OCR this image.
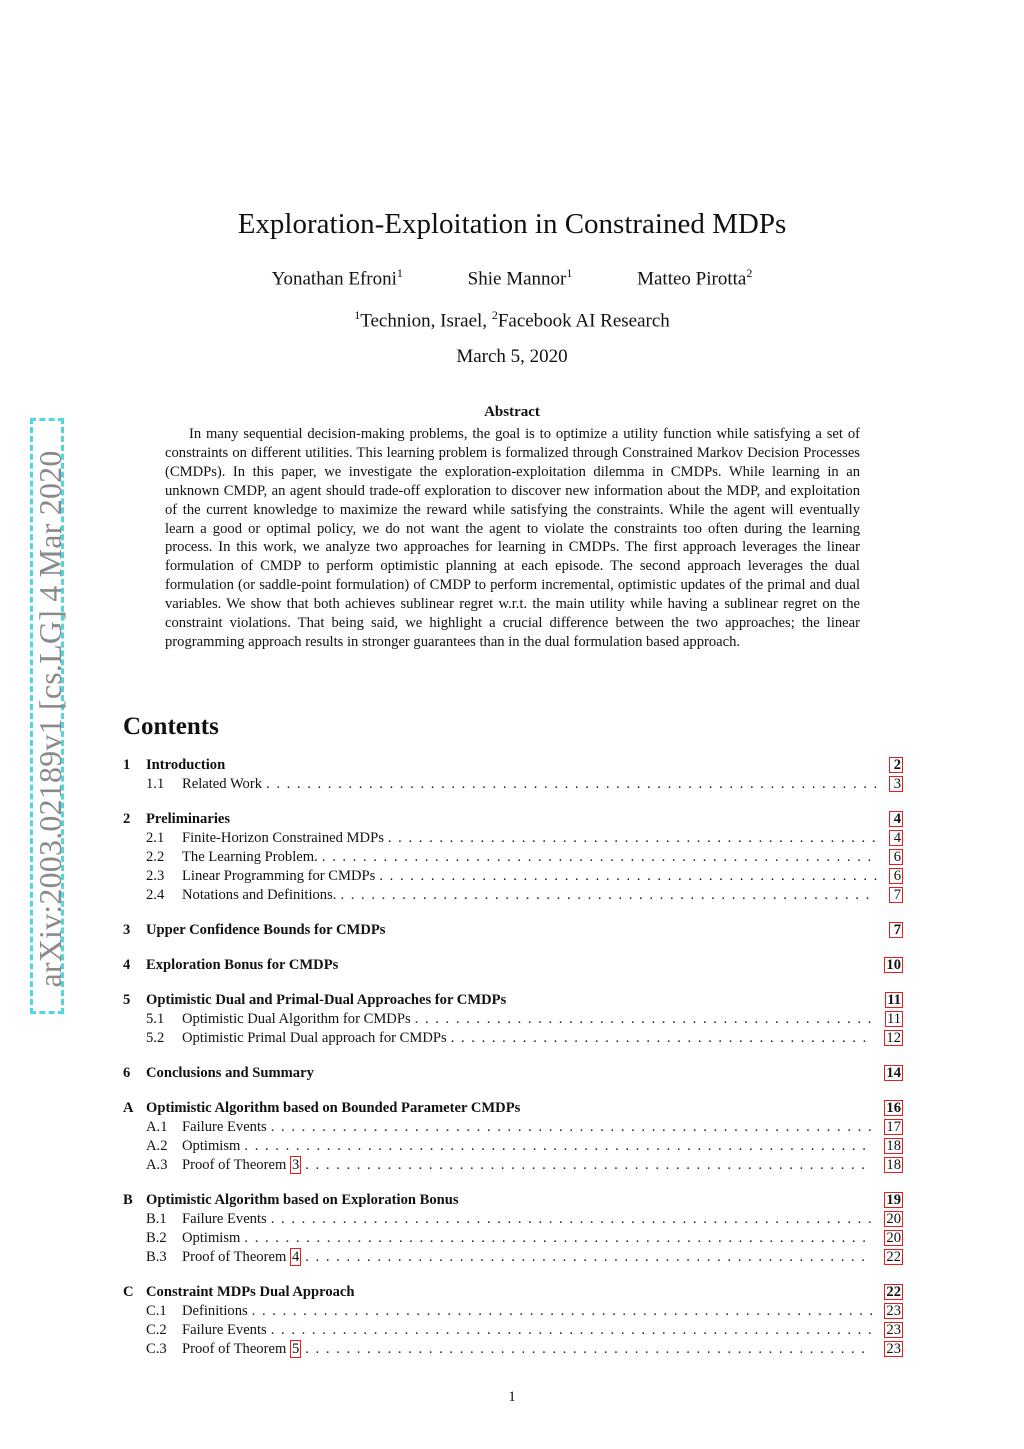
arXiv:2003.02189v1 [cs.LG] 4 Mar 2020
Exploration-Exploitation in Constrained MDPs
Yonathan Efroni$^1$	Shie Mannor$^1$	Matteo Pirotta$^2$
$^1$Technion, Israel, $^2$Facebook AI Research
March 5, 2020
Abstract

In many sequential decision-making problems, the goal is to optimize a utility function while satisfying a set of constraints on different utilities. This learning problem is formalized through Constrained Markov Decision Processes (CMDPs). In this paper, we investigate the exploration-exploitation dilemma in CMDPs. While learning in an unknown CMDP, an agent should trade-off exploration to discover new information about the MDP, and exploitation of the current knowledge to maximize the reward while satisfying the constraints. While the agent will eventually learn a good or optimal policy, we do not want the agent to violate the constraints too often during the learning process. In this work, we analyze two approaches for learning in CMDPs. The first approach leverages the linear formulation of CMDP to perform optimistic planning at each episode. The second approach leverages the dual formulation (or saddle-point formulation) of CMDP to perform incremental, optimistic updates of the primal and dual variables. We show that both achieves sublinear regret w.r.t. the main utility while having a sublinear regret on the constraint violations. That being said, we highlight a crucial difference between the two approaches; the linear programming approach results in stronger guarantees than in the dual formulation based approach.

Contents
1	Introduction	2
1.1	Related Work . . .	3
2	Preliminaries	4
2.1	Finite-Horizon Constrained MDPs . . .	4
2.2	The Learning Problem. . . .	6
2.3	Linear Programming for CMDPs . . .	6
2.4	Notations and Definitions. . . .	7
3	Upper Confidence Bounds for CMDPs	7
4	Exploration Bonus for CMDPs	10
5	Optimistic Dual and Primal-Dual Approaches for CMDPs	11
5.1	Optimistic Dual Algorithm for CMDPs . . .	11
5.2	Optimistic Primal Dual approach for CMDPs . . .	12
6	Conclusions and Summary	14
A Optimistic Algorithm based on Bounded Parameter CMDPs	16
A.1 Failure Events . . .	17
A.2 Optimism . . .	18
A.3 Proof of Theorem 3 . . .	18
B Optimistic Algorithm based on Exploration Bonus	19
B.1	Failure Events . . .	20
B.2	Optimism . . .	20
B.3	Proof of Theorem 4 . . .	22
C Constraint MDPs Dual Approach	22
C.1	Definitions . . .	23
C.2	Failure Events . . .	23
C.3	Proof of Theorem 5 . . .	23
1
